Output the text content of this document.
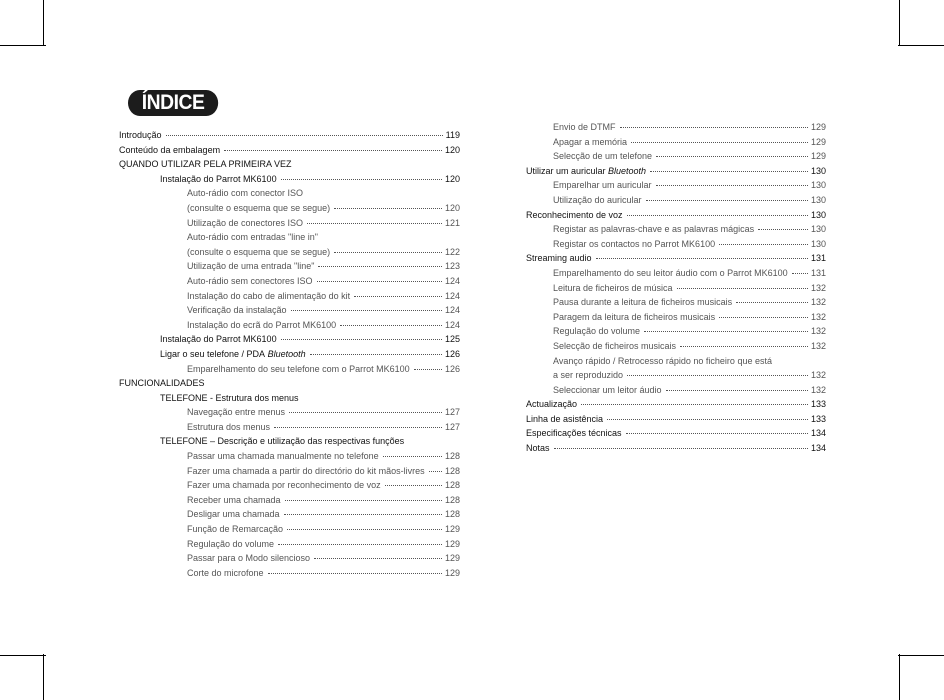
ÍNDICE
Introdução	119
Conteúdo da embalagem	120
QUANDO UTILIZAR PELA PRIMEIRA VEZ
Instalação do Parrot MK6100	120
Auto-rádio com conector ISO
(consulte o esquema que se segue)	120
Utilização de conectores ISO	121
Auto-rádio com entradas "line in"
(consulte o esquema que se segue)	122
Utilização de uma entrada "line"	123
Auto-rádio sem conectores ISO	124
Instalação do cabo de alimentação do kit	124
Verificação da instalação	124
Instalação do ecrã do Parrot MK6100	124
Instalação do Parrot MK6100	125
Ligar o seu telefone / PDA Bluetooth	126
Emparelhamento do seu telefone com o Parrot MK6100	126
FUNCIONALIDADES
TELEFONE - Estrutura dos menus
Navegação entre menus	127
Estrutura dos menus	127
TELEFONE – Descrição e utilização das respectivas funções
Passar uma chamada manualmente no telefone	128
Fazer uma chamada a partir do directório do kit mãos-livres 128
Fazer uma chamada por reconhecimento de voz	128
Receber uma chamada	128
Desligar uma chamada	128
Função de Remarcação	129
Regulação do volume	129
Passar para o Modo silencioso	129
Corte do microfone	129
Envio de DTMF	129
Apagar a memória	129
Selecção de um telefone	129
Utilizar um auricular Bluetooth	130
Emparelhar um auricular	130
Utilização do auricular	130
Reconhecimento de voz	130
Registar as palavras-chave e as palavras mágicas	130
Registar os contactos no Parrot MK6100	130
Streaming audio	131
Emparelhamento do seu leitor áudio com o Parrot MK6100	131
Leitura de ficheiros de música	132
Pausa durante a leitura de ficheiros musicais	132
Paragem da leitura de ficheiros musicais	132
Regulação do volume	132
Selecção de ficheiros musicais	132
Avanço rápido / Retrocesso rápido no ficheiro que está
a ser reproduzido	132
Seleccionar um leitor áudio	132
Actualização	133
Linha de asistência	133
Especificações técnicas	134
Notas	134
